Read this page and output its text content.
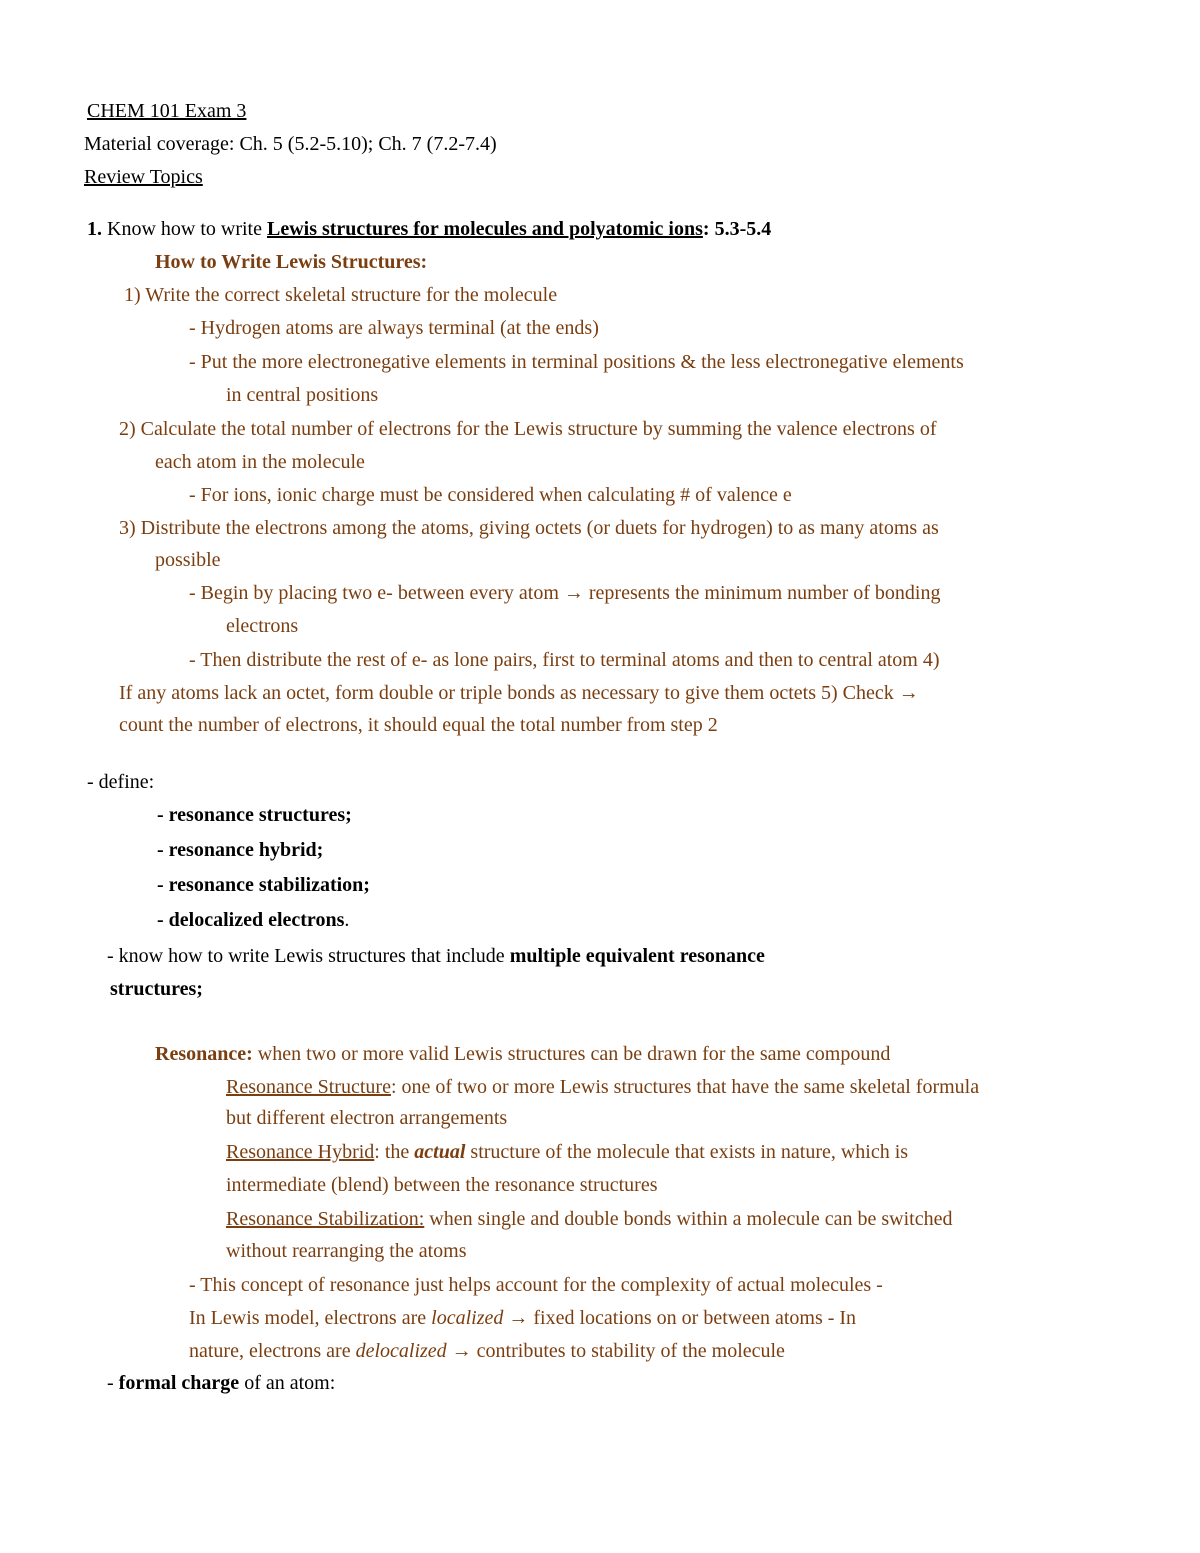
CHEM 101 Exam 3
Material coverage: Ch. 5 (5.2-5.10); Ch. 7 (7.2-7.4)
Review Topics
1. Know how to write Lewis structures for molecules and polyatomic ions: 5.3-5.4
How to Write Lewis Structures:
1) Write the correct skeletal structure for the molecule
- Hydrogen atoms are always terminal (at the ends)
- Put the more electronegative elements in terminal positions & the less electronegative elements
in central positions
2) Calculate the total number of electrons for the Lewis structure by summing the valence electrons of
each atom in the molecule
- For ions, ionic charge must be considered when calculating # of valence e
3) Distribute the electrons among the atoms, giving octets (or duets for hydrogen) to as many atoms as
possible
- Begin by placing two e- between every atom → represents the minimum number of bonding
electrons
- Then distribute the rest of e- as lone pairs, first to terminal atoms and then to central atom 4)
If any atoms lack an octet, form double or triple bonds as necessary to give them octets 5) Check →
count the number of electrons, it should equal the total number from step 2
- define:
- resonance structures;
- resonance hybrid;
- resonance stabilization;
- delocalized electrons.
- know how to write Lewis structures that include multiple equivalent resonance
structures;
Resonance: when two or more valid Lewis structures can be drawn for the same compound
Resonance Structure: one of two or more Lewis structures that have the same skeletal formula
but different electron arrangements
Resonance Hybrid: the actual structure of the molecule that exists in nature, which is
intermediate (blend) between the resonance structures
Resonance Stabilization: when single and double bonds within a molecule can be switched
without rearranging the atoms
- This concept of resonance just helps account for the complexity of actual molecules -
In Lewis model, electrons are localized → fixed locations on or between atoms - In
nature, electrons are delocalized → contributes to stability of the molecule
- formal charge of an atom:
